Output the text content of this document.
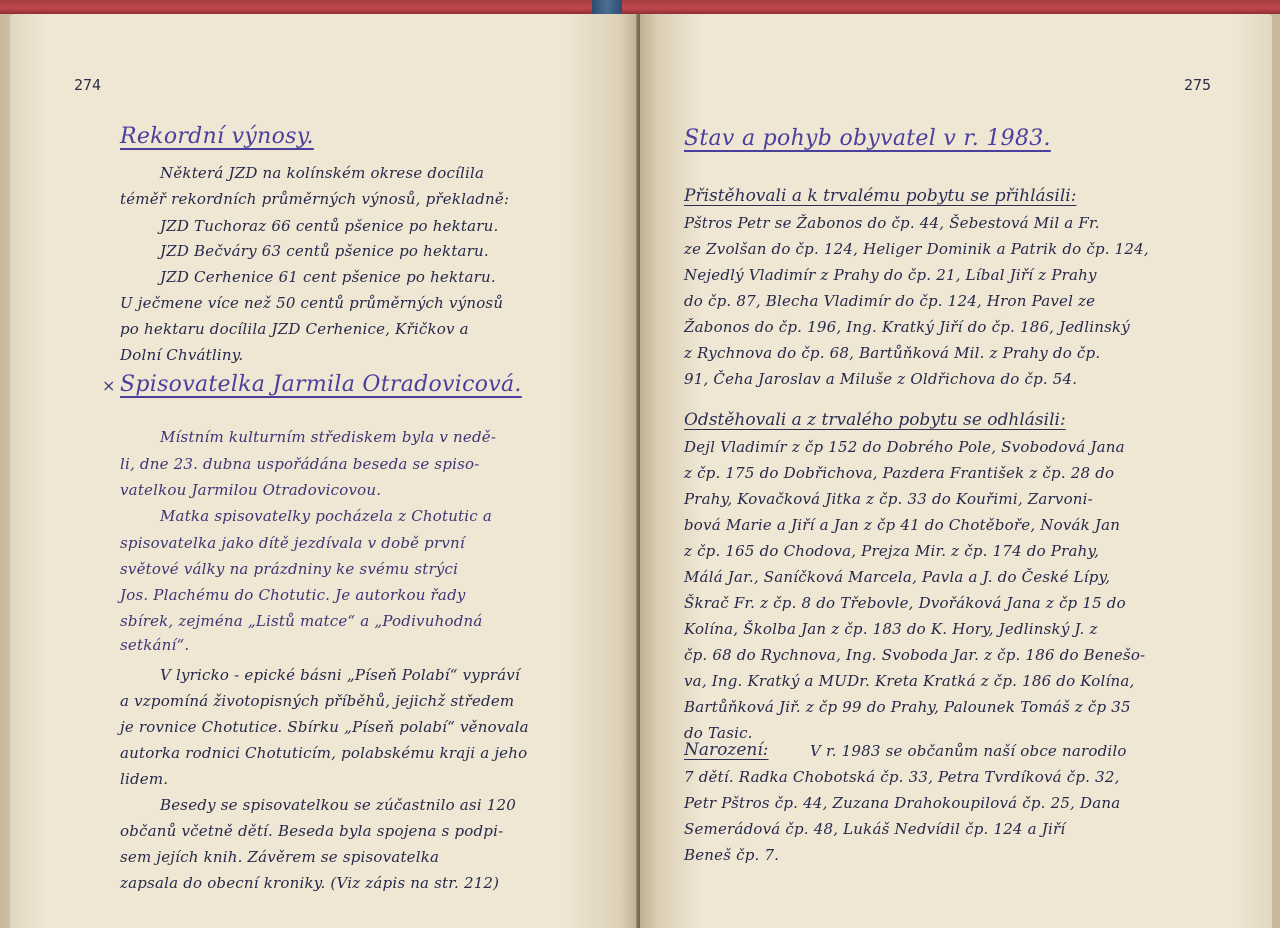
274

Rekordní výnosy.

Některá JZD na kolínském okrese docílila

téměř rekordních průměrných výnosů, překladně:

JZD Tuchoraz 66 centů pšenice po hektaru.

JZD Bečváry 63 centů pšenice po hektaru.

JZD Cerhenice 61 cent pšenice po hektaru.

U ječmene více než 50 centů průměrných výnosů

po hektaru docílila JZD Cerhenice, Křičkov a

Dolní Chvátliny.

× Spisovatelka Jarmila Otradovicová.

Místním kulturním střediskem byla v nedě-

li, dne 23. dubna uspořádána beseda se spiso-

vatelkou Jarmilou Otradovicovou.

Matka spisovatelky pocházela z Chotutic a

spisovatelka jako dítě jezdívala v době první

světové války na prázdniny ke svému strýci

Jos. Plachému do Chotutic. Je autorkou řady

sbírek, zejména „Listů matce“ a „Podivuhodná

setkání“.

V lyricko - epické básni „Píseň Polabí“ vypráví

a vzpomíná životopisných příběhů, jejichž středem

je rovnice Chotutice. Sbírku „Píseň polabí“ věnovala

autorka rodnici Chotuticím, polabskému kraji a jeho

lidem.

Besedy se spisovatelkou se zúčastnilo asi 120

občanů včetně dětí. Beseda byla spojena s podpi-

sem jejích knih. Závěrem se spisovatelka

zapsala do obecní kroniky. (Viz zápis na str. 212)

275

Stav a pohyb obyvatel v r. 1983.

Přistěhovali a k trvalému pobytu se přihlásili:

Pštros Petr se Žabonos do čp. 44, Šebestová Mil a Fr.

ze Zvolšan do čp. 124, Heliger Dominik a Patrik do čp. 124,

Nejedlý Vladimír z Prahy do čp. 21, Líbal Jiří z Prahy

do čp. 87, Blecha Vladimír do čp. 124, Hron Pavel ze

Žabonos do čp. 196, Ing. Kratký Jiří do čp. 186, Jedlinský

z Rychnova do čp. 68, Bartůňková Mil. z Prahy do čp.

91, Čeha Jaroslav a Miluše z Oldřichova do čp. 54.

Odstěhovali a z trvalého pobytu se odhlásili:

Dejl Vladimír z čp 152 do Dobrého Pole, Svobodová Jana

z čp. 175 do Dobřichova, Pazdera František z čp. 28 do

Prahy, Kovačková Jitka z čp. 33 do Kouřimi, Zarvoni-

bová Marie a Jiří a Jan z čp 41 do Chotěboře, Novák Jan

z čp. 165 do Chodova, Prejza Mir. z čp. 174 do Prahy,

Málá Jar., Saníčková Marcela, Pavla a J. do České Lípy,

Škrač Fr. z čp. 8 do Třebovle, Dvořáková Jana z čp 15 do

Kolína, Školba Jan z čp. 183 do K. Hory, Jedlinský J. z

čp. 68 do Rychnova, Ing. Svoboda Jar. z čp. 186 do Benešo-

va, Ing. Kratký a MUDr. Kreta Kratká z čp. 186 do Kolína,

Bartůňková Jiř. z čp 99 do Prahy, Palounek Tomáš z čp 35

do Tasic.

Narození:	V r. 1983 se občanům naší obce narodilo

7 dětí. Radka Chobotská čp. 33, Petra Tvrdíková čp. 32,

Petr Pštros čp. 44, Zuzana Drahokoupilová čp. 25, Dana

Semerádová čp. 48, Lukáš Nedvídil čp. 124 a Jiří

Beneš čp. 7.
